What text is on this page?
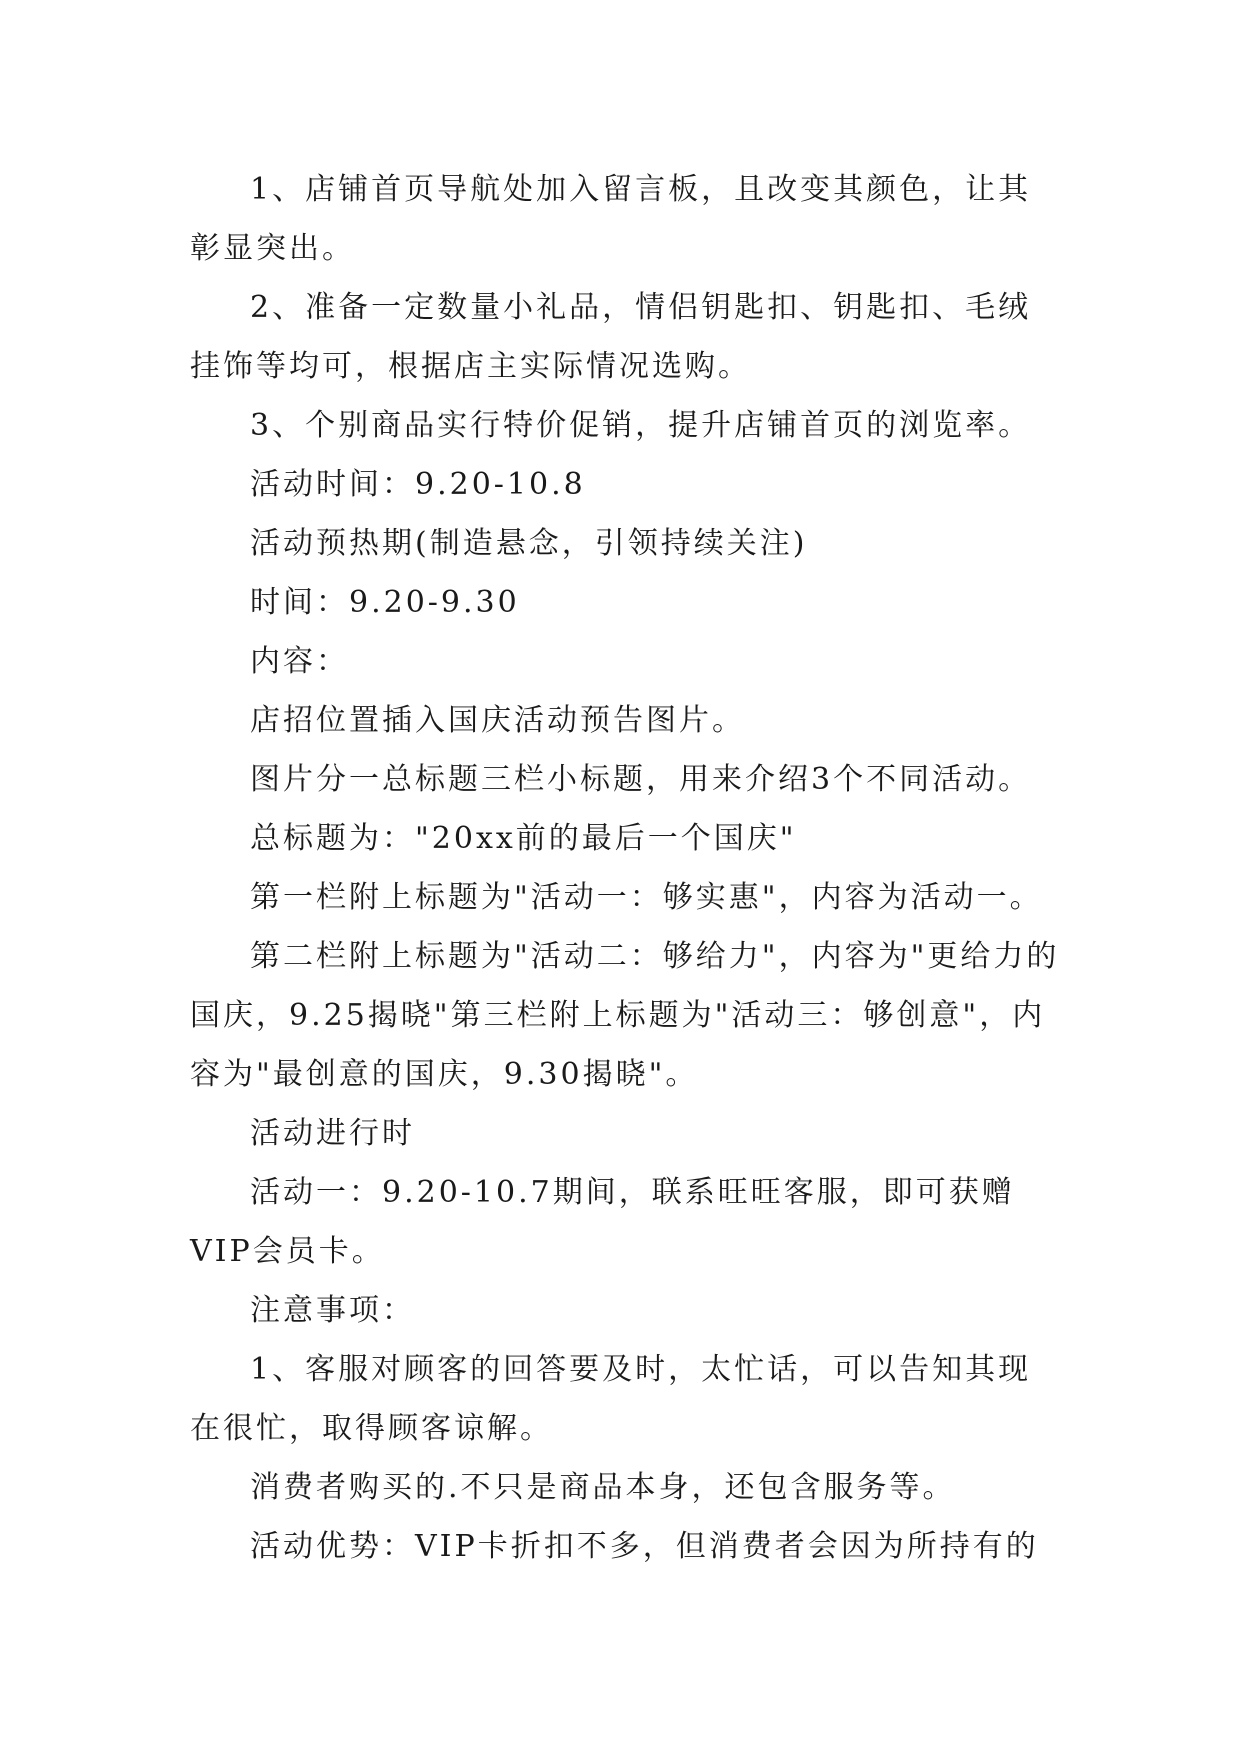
1、店铺首页导航处加入留言板，且改变其颜色，让其彰显突出。

2、准备一定数量小礼品，情侣钥匙扣、钥匙扣、毛绒挂饰等均可，根据店主实际情况选购。

3、个别商品实行特价促销，提升店铺首页的浏览率。

活动时间：9.20-10.8

活动预热期(制造悬念，引领持续关注)

时间：9.20-9.30

内容：

店招位置插入国庆活动预告图片。

图片分一总标题三栏小标题，用来介绍3个不同活动。

总标题为："20xx前的最后一个国庆"

第一栏附上标题为"活动一：够实惠"，内容为活动一。

第二栏附上标题为"活动二：够给力"，内容为"更给力的国庆，9.25揭晓"第三栏附上标题为"活动三：够创意"，内容为"最创意的国庆，9.30揭晓"。

活动进行时

活动一：9.20-10.7期间，联系旺旺客服，即可获赠VIP会员卡。

注意事项：

1、客服对顾客的回答要及时，太忙话，可以告知其现在很忙，取得顾客谅解。

消费者购买的.不只是商品本身，还包含服务等。

活动优势：VIP卡折扣不多，但消费者会因为所持有的
